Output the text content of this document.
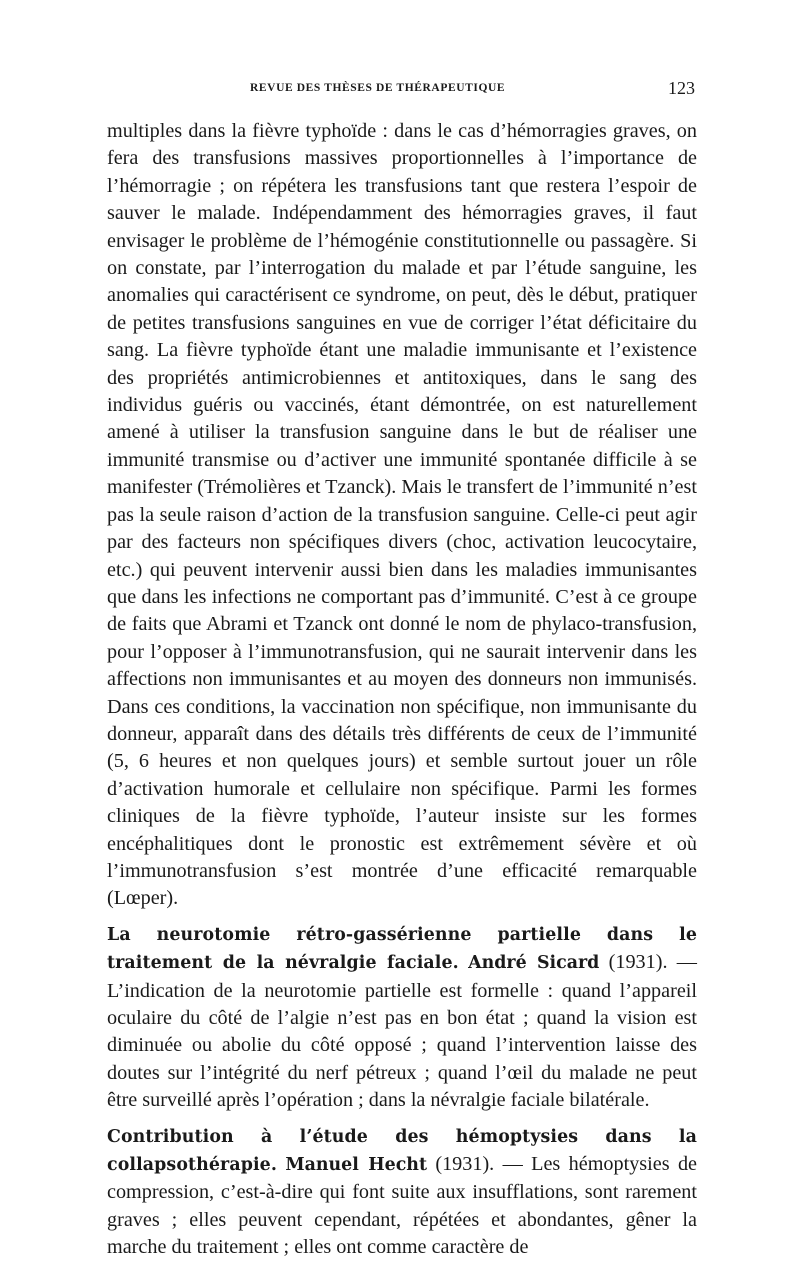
REVUE DES THÈSES DE THÉRAPEUTIQUE	123

multiples dans la fièvre typhoïde : dans le cas d’hémorragies graves, on fera des transfusions massives proportionnelles à l’importance de l’hémorragie ; on répétera les transfusions tant que restera l’espoir de sauver le malade. Indépendamment des hémorragies graves, il faut envisager le problème de l’hémogénie constitutionnelle ou passagère. Si on constate, par l’interrogation du malade et par l’étude sanguine, les anomalies qui caractérisent ce syndrome, on peut, dès le début, pratiquer de petites transfusions sanguines en vue de corriger l’état déficitaire du sang. La fièvre typhoïde étant une maladie immunisante et l’existence des propriétés antimicrobiennes et antitoxiques, dans le sang des individus guéris ou vaccinés, étant démontrée, on est naturellement amené à utiliser la transfusion sanguine dans le but de réaliser une immunité transmise ou d’activer une immunité spontanée difficile à se manifester (Trémolières et Tzanck). Mais le transfert de l’immunité n’est pas la seule raison d’action de la transfusion sanguine. Celle-ci peut agir par des facteurs non spécifiques divers (choc, activation leucocytaire, etc.) qui peuvent intervenir aussi bien dans les maladies immunisantes que dans les infections ne comportant pas d’immunité. C’est à ce groupe de faits que Abrami et Tzanck ont donné le nom de phylaco-transfusion, pour l’opposer à l’immunotransfusion, qui ne saurait intervenir dans les affections non immunisantes et au moyen des donneurs non immunisés. Dans ces conditions, la vaccination non spécifique, non immunisante du donneur, apparaît dans des détails très différents de ceux de l’immunité (5, 6 heures et non quelques jours) et semble surtout jouer un rôle d’activation humorale et cellulaire non spécifique. Parmi les formes cliniques de la fièvre typhoïde, l’auteur insiste sur les formes encéphalitiques dont le pronostic est extrêmement sévère et où l’immunotransfusion s’est montrée d’une efficacité remarquable (Lœper).

La neurotomie rétro-gassérienne partielle dans le traitement de la névralgie faciale. André Sicard (1931). — L’indication de la neurotomie partielle est formelle : quand l’appareil oculaire du côté de l’algie n’est pas en bon état ; quand la vision est diminuée ou abolie du côté opposé ; quand l’intervention laisse des doutes sur l’intégrité du nerf pétreux ; quand l’œil du malade ne peut être surveillé après l’opération ; dans la névralgie faciale bilatérale.

Contribution à l’étude des hémoptysies dans la collapsothérapie. Manuel Hecht (1931). — Les hémoptysies de compression, c’est-à-dire qui font suite aux insufflations, sont rarement graves ; elles peuvent cependant, répétées et abondantes, gêner la marche du traitement ; elles ont comme caractère de
